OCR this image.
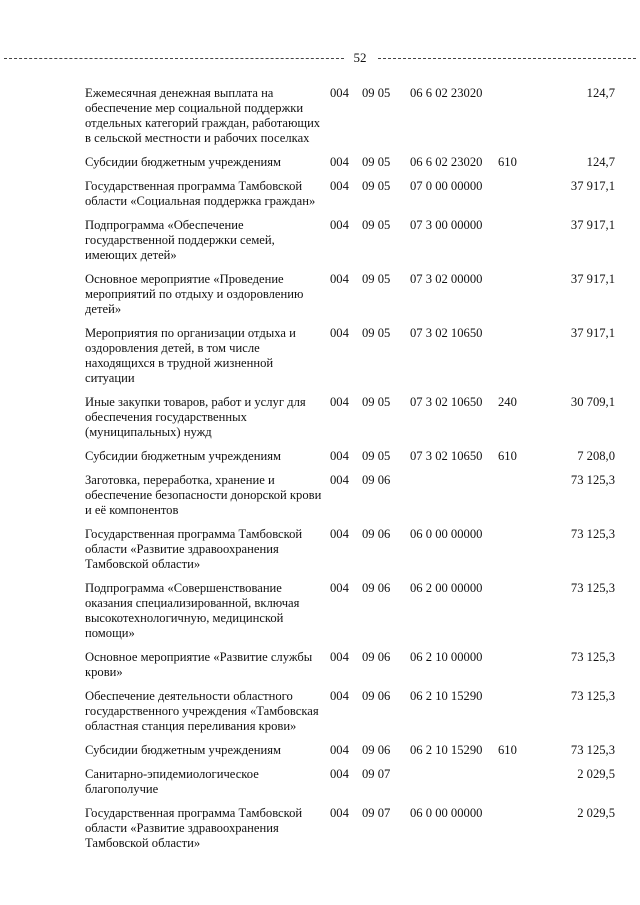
52
Ежемесячная денежная выплата на обеспечение мер социальной поддержки отдельных категорий граждан, работающих в сельской местности и рабочих поселках	004	09 05	06 6 02 23020		124,7
Субсидии бюджетным учреждениям	004	09 05	06 6 02 23020	610	124,7
Государственная программа Тамбовской области «Социальная поддержка граждан»	004	09 05	07 0 00 00000		37 917,1
Подпрограмма «Обеспечение государственной поддержки семей, имеющих детей»	004	09 05	07 3 00 00000		37 917,1
Основное мероприятие «Проведение мероприятий по отдыху и оздоровлению детей»	004	09 05	07 3 02 00000		37 917,1
Мероприятия по организации отдыха и оздоровления детей, в том числе находящихся в трудной жизненной ситуации	004	09 05	07 3 02 10650		37 917,1
Иные закупки товаров, работ и услуг для обеспечения государственных (муниципальных) нужд	004	09 05	07 3 02 10650	240	30 709,1
Субсидии бюджетным учреждениям	004	09 05	07 3 02 10650	610	7 208,0
Заготовка, переработка, хранение и обеспечение безопасности донорской крови и её компонентов	004	09 06			73 125,3
Государственная программа Тамбовской области «Развитие здравоохранения Тамбовской области»	004	09 06	06 0 00 00000		73 125,3
Подпрограмма «Совершенствование оказания специализированной, включая высокотехнологичную, медицинской помощи»	004	09 06	06 2 00 00000		73 125,3
Основное мероприятие «Развитие службы крови»	004	09 06	06 2 10 00000		73 125,3
Обеспечение деятельности областного государственного учреждения «Тамбовская областная станция переливания крови»	004	09 06	06 2 10 15290		73 125,3
Субсидии бюджетным учреждениям	004	09 06	06 2 10 15290	610	73 125,3
Санитарно-эпидемиологическое благополучие	004	09 07			2 029,5
Государственная программа Тамбовской области «Развитие здравоохранения Тамбовской области»	004	09 07	06 0 00 00000		2 029,5
